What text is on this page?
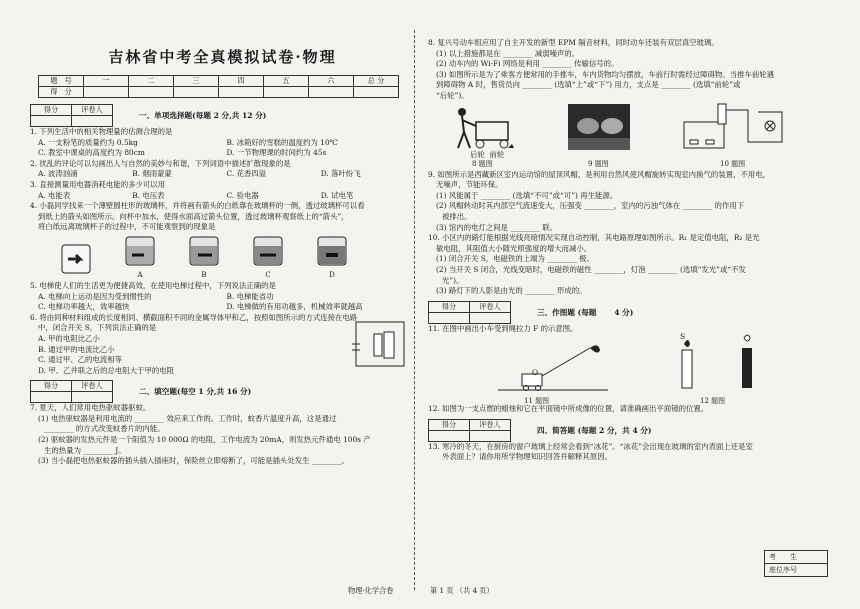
吉林省中考全真模拟试卷·物理
题　号	一	二	三	四	五	六	总 分
得　分							
得分	评卷人

一、单项选择题(每题 2 分,共 12 分)
1. 下列生活中的相关物理量的估测合理的是
A. 一支粉笔的质量约为 0.5kg	B. 冰箱好的雪糕的温度约为 10℃
C. 教室中课桌的高度约为 80cm	D. 一节物理课的时间约为 45s
2. 扰乱的评论可以勾画出人与自然的美妙与和谐，下列词语中描述扩散现象的是
A. 波涛汹涌	B. 烟雨蒙蒙	C. 花香四溢	D. 落叶纷飞
3. 直接测量用电器消耗电能的多少可以用
A. 电能表	B. 电压表	C. 验电器	D. 试电笔
4. 小磊同学找来一个薄壁圆柱形的玻璃杯，并将画有箭头的白纸靠在玻璃杯的一侧，透过玻璃杯可以看
到纸上的箭头如图所示。向杯中加水，使得水面高过箭头位置，透过玻璃杯观察纸上的“箭头”，
将白纸远离玻璃杯子的过程中，不可能观察到的现象是
A	B	C	D
5. 电梯使人们的生活更为便捷高效，在使用电梯过程中，下列说法正确的是
A. 电梯向上运动是因为受到惯性的	B. 电梯能省功
C. 电梯功率越大，效率越快	D. 电梯做的有用功越多，机械效率就越高
6. 将由同种材料组成的长度相同、横截面积不同的金属导体甲和乙，按照如图所示的方式连接在电路
中，闭合开关 S，下列说法正确的是
A. 甲的电阻比乙小
B. 通过甲的电流比乙小
C. 通过甲、乙的电流相等
D. 甲、乙并联之后的总电阻大于甲的电阻
得分	评卷人

二、填空题(每空 1 分,共 16 分)
7. 夏天，人们常用电热驱蚊器驱蚊。
(1) 电热驱蚊器是利用电流的 ________ 效应来工作的。工作时，蚊香片温度升高，这是通过
________ 的方式改变蚊香片的内能。
(2) 驱蚊器的发热元件是一个阻值为 10 000Ω 的电阻，工作电流为 20mA，则发热元件通电 100s 产
生的热量为 ________ J。
(3) 当小磊把电热驱蚊器的插头插入插座时，保险丝立即熔断了，可能是插头处发生 ________。
8. 复兴号动车组应用了自主开发的新型 EPM 隔音材料，同时动车还装有双层真空玻璃。
(1) 以上措施都是在 ________ 减弱噪声的。
(2) 动车内的 Wi-Fi 网络是利用 ________ 传输信号的。
(3) 如图所示是为了乘客方便常用的手推车，车内货物均匀摆放，车前行时需经过障碍物。当推车前轮遇
到障碍物 A 时，售货员向 ________ (选填“上”或“下”) 用力，支点是 ________ (选填“前轮”或
“后轮”)。
后轮 前轮
8 题图	9 题图	10 题图
9. 如图所示是西藏新区室内运动馆的屋顶风帽，是利用自然风使风帽旋转实现室内换气的装置，不用电，
无噪声，节能环保。
(1) 风能属于 ________ (选填“不可”或“可”) 再生能源。
(2) 风帽转动时其内部空气流速变大，压强变 ________，室内的污浊气体在 ________ 的作用下
被排出。
(3) 馆内的电灯之间是 ________ 联。
10. 小区内的路灯能根据光线亮暗情况实现自动控制，其电路原理如图所示。R₁ 是定值电阻，R₂ 是光
敏电阻，其阻值大小随光照强度的增大而减小。
(1) 闭合开关 S，电磁铁的上端为 ________ 极。
(2) 当开关 S 闭合，光线变暗时，电磁铁的磁性 ________，灯泡 ________ (选填“发光”或“不发
光”)。
(3) 路灯下的人影是由光的 ________ 形成的。
得分	评卷人

三、作图题 (每题　　 4 分)
11. 在图中画出小车受到绳拉力 F 的示意图。
O
11 题图
S
12 题图
12. 如图为一支点燃的蜡烛和它在平面镜中所成像的位置，请准确画出平面镜的位置。
得分	评卷人

四、简答题 (每题 2 分，共 4 分)
13. 寒冷的冬天，在厨房的窗户玻璃上经常会看到“冰花”。“冰花”会出现在玻璃的室内表面上还是室
外表面上？请你用所学物理知识回答并解释其原因。
考　　生
座位序号
物理·化学合卷	第 1 页 （共 4 页）
